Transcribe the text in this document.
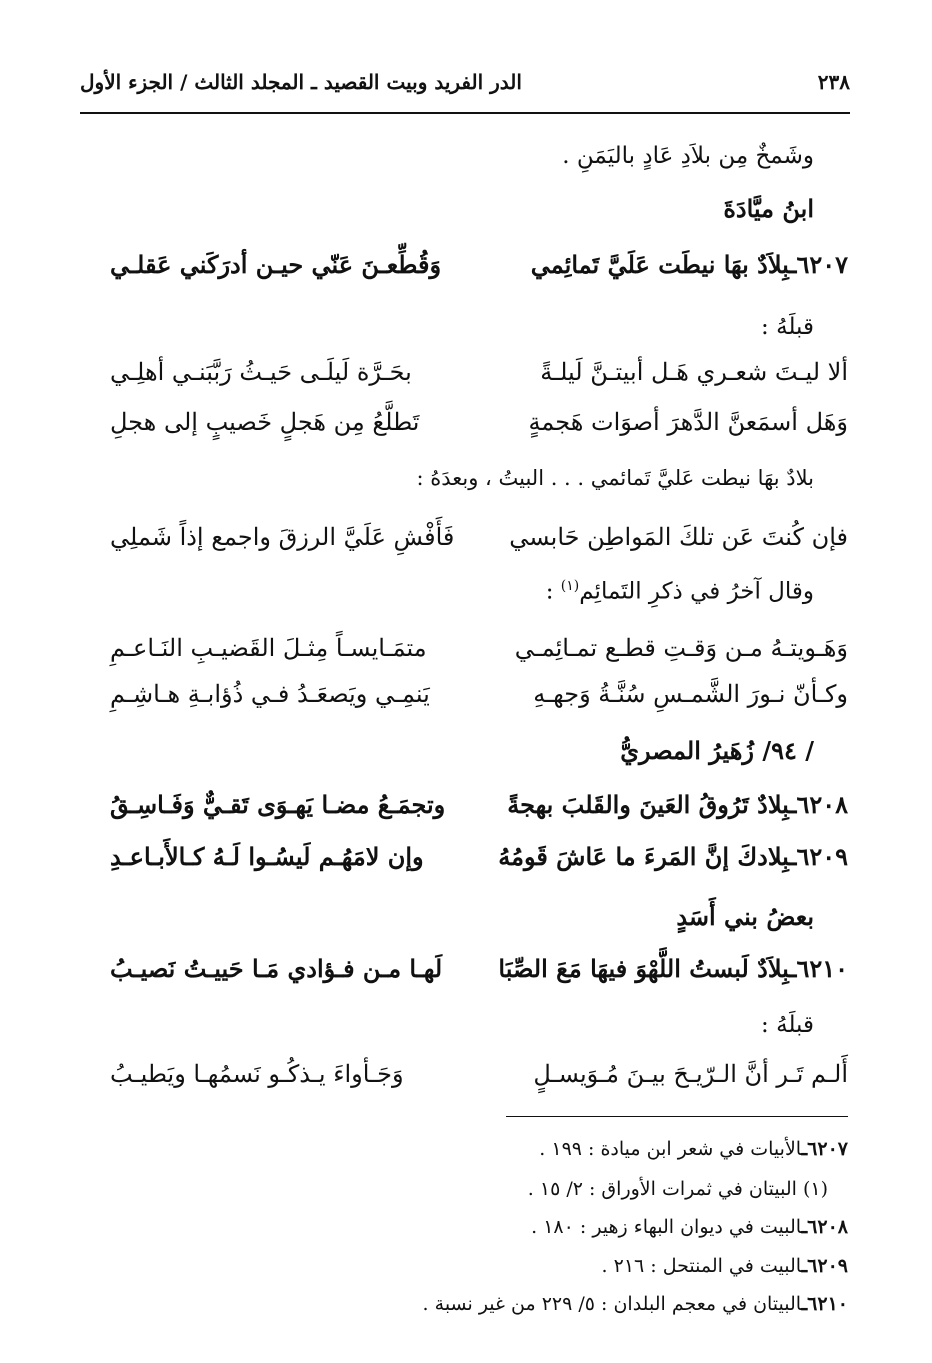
٢٣٨
الدر الفريد وبيت القصيد ـ المجلد الثالث / الجزء الأول
وشَمخٌ مِن بلاَدِ عَادٍ باليَمَنِ .
ابنُ ميَّادَةَ
٦٢٠٧ـبِلاَدٌ بهَا نيطَت عَلَيَّ تَمائِمي
وَقُطِّعـنَ عَنّي حيـن أدرَكَني عَقلـي
قبلَهُ :
ألا ليـتَ شعـري هَـل أبيتـنَّ لَيلـةً
بحَـرَّة لَيلَـى حَيـثُ رَبَّبَنـي أهلِـي
وَهَل أسمَعنَّ الدَّهرَ أصوَات هَجمةٍ
تَطلَّعُ مِن هَجلٍ خَصيبٍ إلى هجلِ
بلادٌ بهَا نيطت عَليَّ تَمائمي . . . البيتُ ، وبعدَهُ :
فإن كُنتَ عَن تلكَ المَواطِن حَابسي
فَأَفْشِ عَلَيَّ الرزقَ واجمع إذاً شَملِي
وقال آخرُ في ذكرِ التَمائِم$^{(١)}$ :
وَهَـويتـهُ مـن وَقـتِ قطـع تمـائِمـي
متمَـايسـاً مِثـلَ القَضيـبِ النَـاعـمِ
وكـأنّ نـورَ الشَّمـسِ سُنَّـةُ وَجهـهِ
يَنمِـي ويَصعَـدُ فـي ذُؤابـةِ هـاشِـمِ
/ ٩٤/ زُهَيرُ المصريُّ
٦٢٠٨ـبِلادٌ تَرُوقُ العَينَ والقَلبَ بهجةً
وتجمَـعُ مضـا يَهـوَى تَقـيٌّ وَفَـاسِـقُ
٦٢٠٩ـبِلادكَ إنَّ المَرءَ ما عَاشَ قَومُهُ
وإن لامَهُـم لَيسُـوا لَـهُ كـالأَبـاعـدِ
بعضُ بني أَسَدٍ
٦٢١٠ـبِلاَدٌ لَبستُ اللَّهْوَ فيهَا مَعَ الصِّبَا
لَهـا مـن فـؤادي مَـا حَييـتُ نَصيـبُ
قبلَهُ :
أَلـم تَـر أنَّ الـرّيـحَ بيـنَ مُـوَيسـلٍ
وَجَـأواءَ يـذكُـو نَسمُهـا ويَطيـبُ
٦٢٠٧ـالأبيات في شعر ابن ميادة : ١٩٩ .
(١) البيتان في ثمرات الأوراق : ٢/ ١٥ .
٦٢٠٨ـالبيت في ديوان البهاء زهير : ١٨٠ .
٦٢٠٩ـالبيت في المنتحل : ٢١٦ .
٦٢١٠ـالبيتان في معجم البلدان : ٥/ ٢٢٩ من غير نسبة .
